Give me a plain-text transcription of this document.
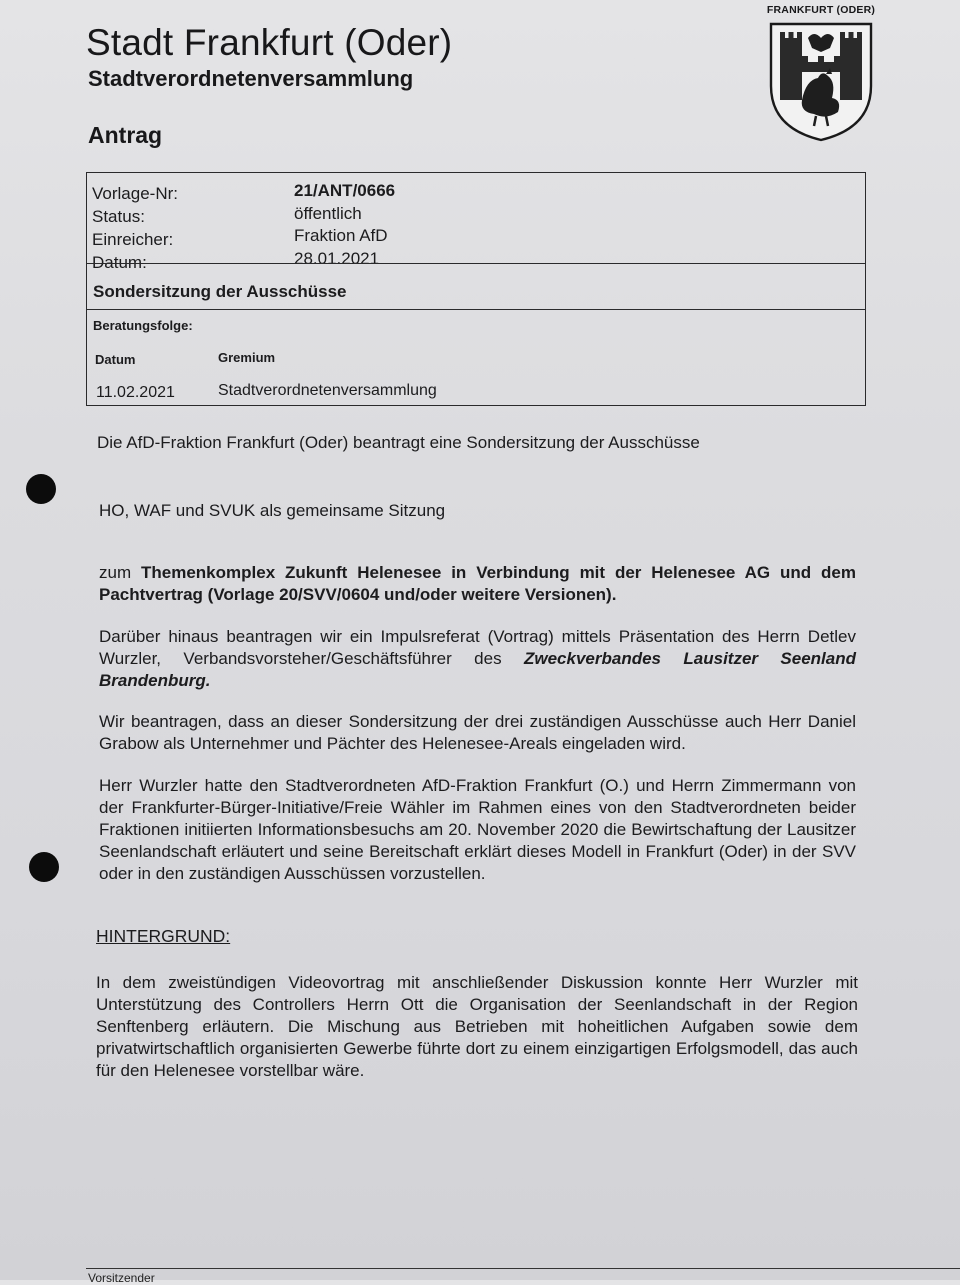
Stadt Frankfurt (Oder)
Stadtverordnetenversammlung
Antrag
FRANKFURT (ODER)
Vorlage-Nr:	21/ANT/0666
Status:	öffentlich
Einreicher:	Fraktion AfD
Datum:	28.01.2021
Sondersitzung der Ausschüsse
Beratungsfolge:
Datum	Gremium
11.02.2021	Stadtverordnetenversammlung
Die AfD-Fraktion Frankfurt (Oder) beantragt eine Sondersitzung der Ausschüsse
HO, WAF und SVUK als gemeinsame Sitzung
zum Themenkomplex Zukunft Helenesee in Verbindung mit der Helenesee AG und dem Pachtvertrag (Vorlage 20/SVV/0604 und/oder weitere Versionen).
Darüber hinaus beantragen wir ein Impulsreferat (Vortrag) mittels Präsentation des Herrn Detlev Wurzler, Verbandsvorsteher/Geschäftsführer des Zweckverbandes Lausitzer Seenland Brandenburg.
Wir beantragen, dass an dieser Sondersitzung der drei zuständigen Ausschüsse auch Herr Daniel Grabow als Unternehmer und Pächter des Helenesee-Areals eingeladen wird.
Herr Wurzler hatte den Stadtverordneten AfD-Fraktion Frankfurt (O.) und Herrn Zimmermann von der Frankfurter-Bürger-Initiative/Freie Wähler im Rahmen eines von den Stadtverordneten beider Fraktionen initiierten Informationsbesuchs am 20. November 2020 die Bewirtschaftung der Lausitzer Seenlandschaft erläutert und seine Bereitschaft erklärt dieses Modell in Frankfurt (Oder) in der SVV oder in den zuständigen Ausschüssen vorzustellen.
HINTERGRUND:
In dem zweistündigen Videovortrag mit anschließender Diskussion konnte Herr Wurzler mit Unterstützung des Controllers Herrn Ott die Organisation der Seenlandschaft in der Region Senftenberg erläutern. Die Mischung aus Betrieben mit hoheitlichen Aufgaben sowie dem privatwirtschaftlich organisierten Gewerbe führte dort zu einem einzigartigen Erfolgsmodell, das auch für den Helenesee vorstellbar wäre.
Vorsitzender
